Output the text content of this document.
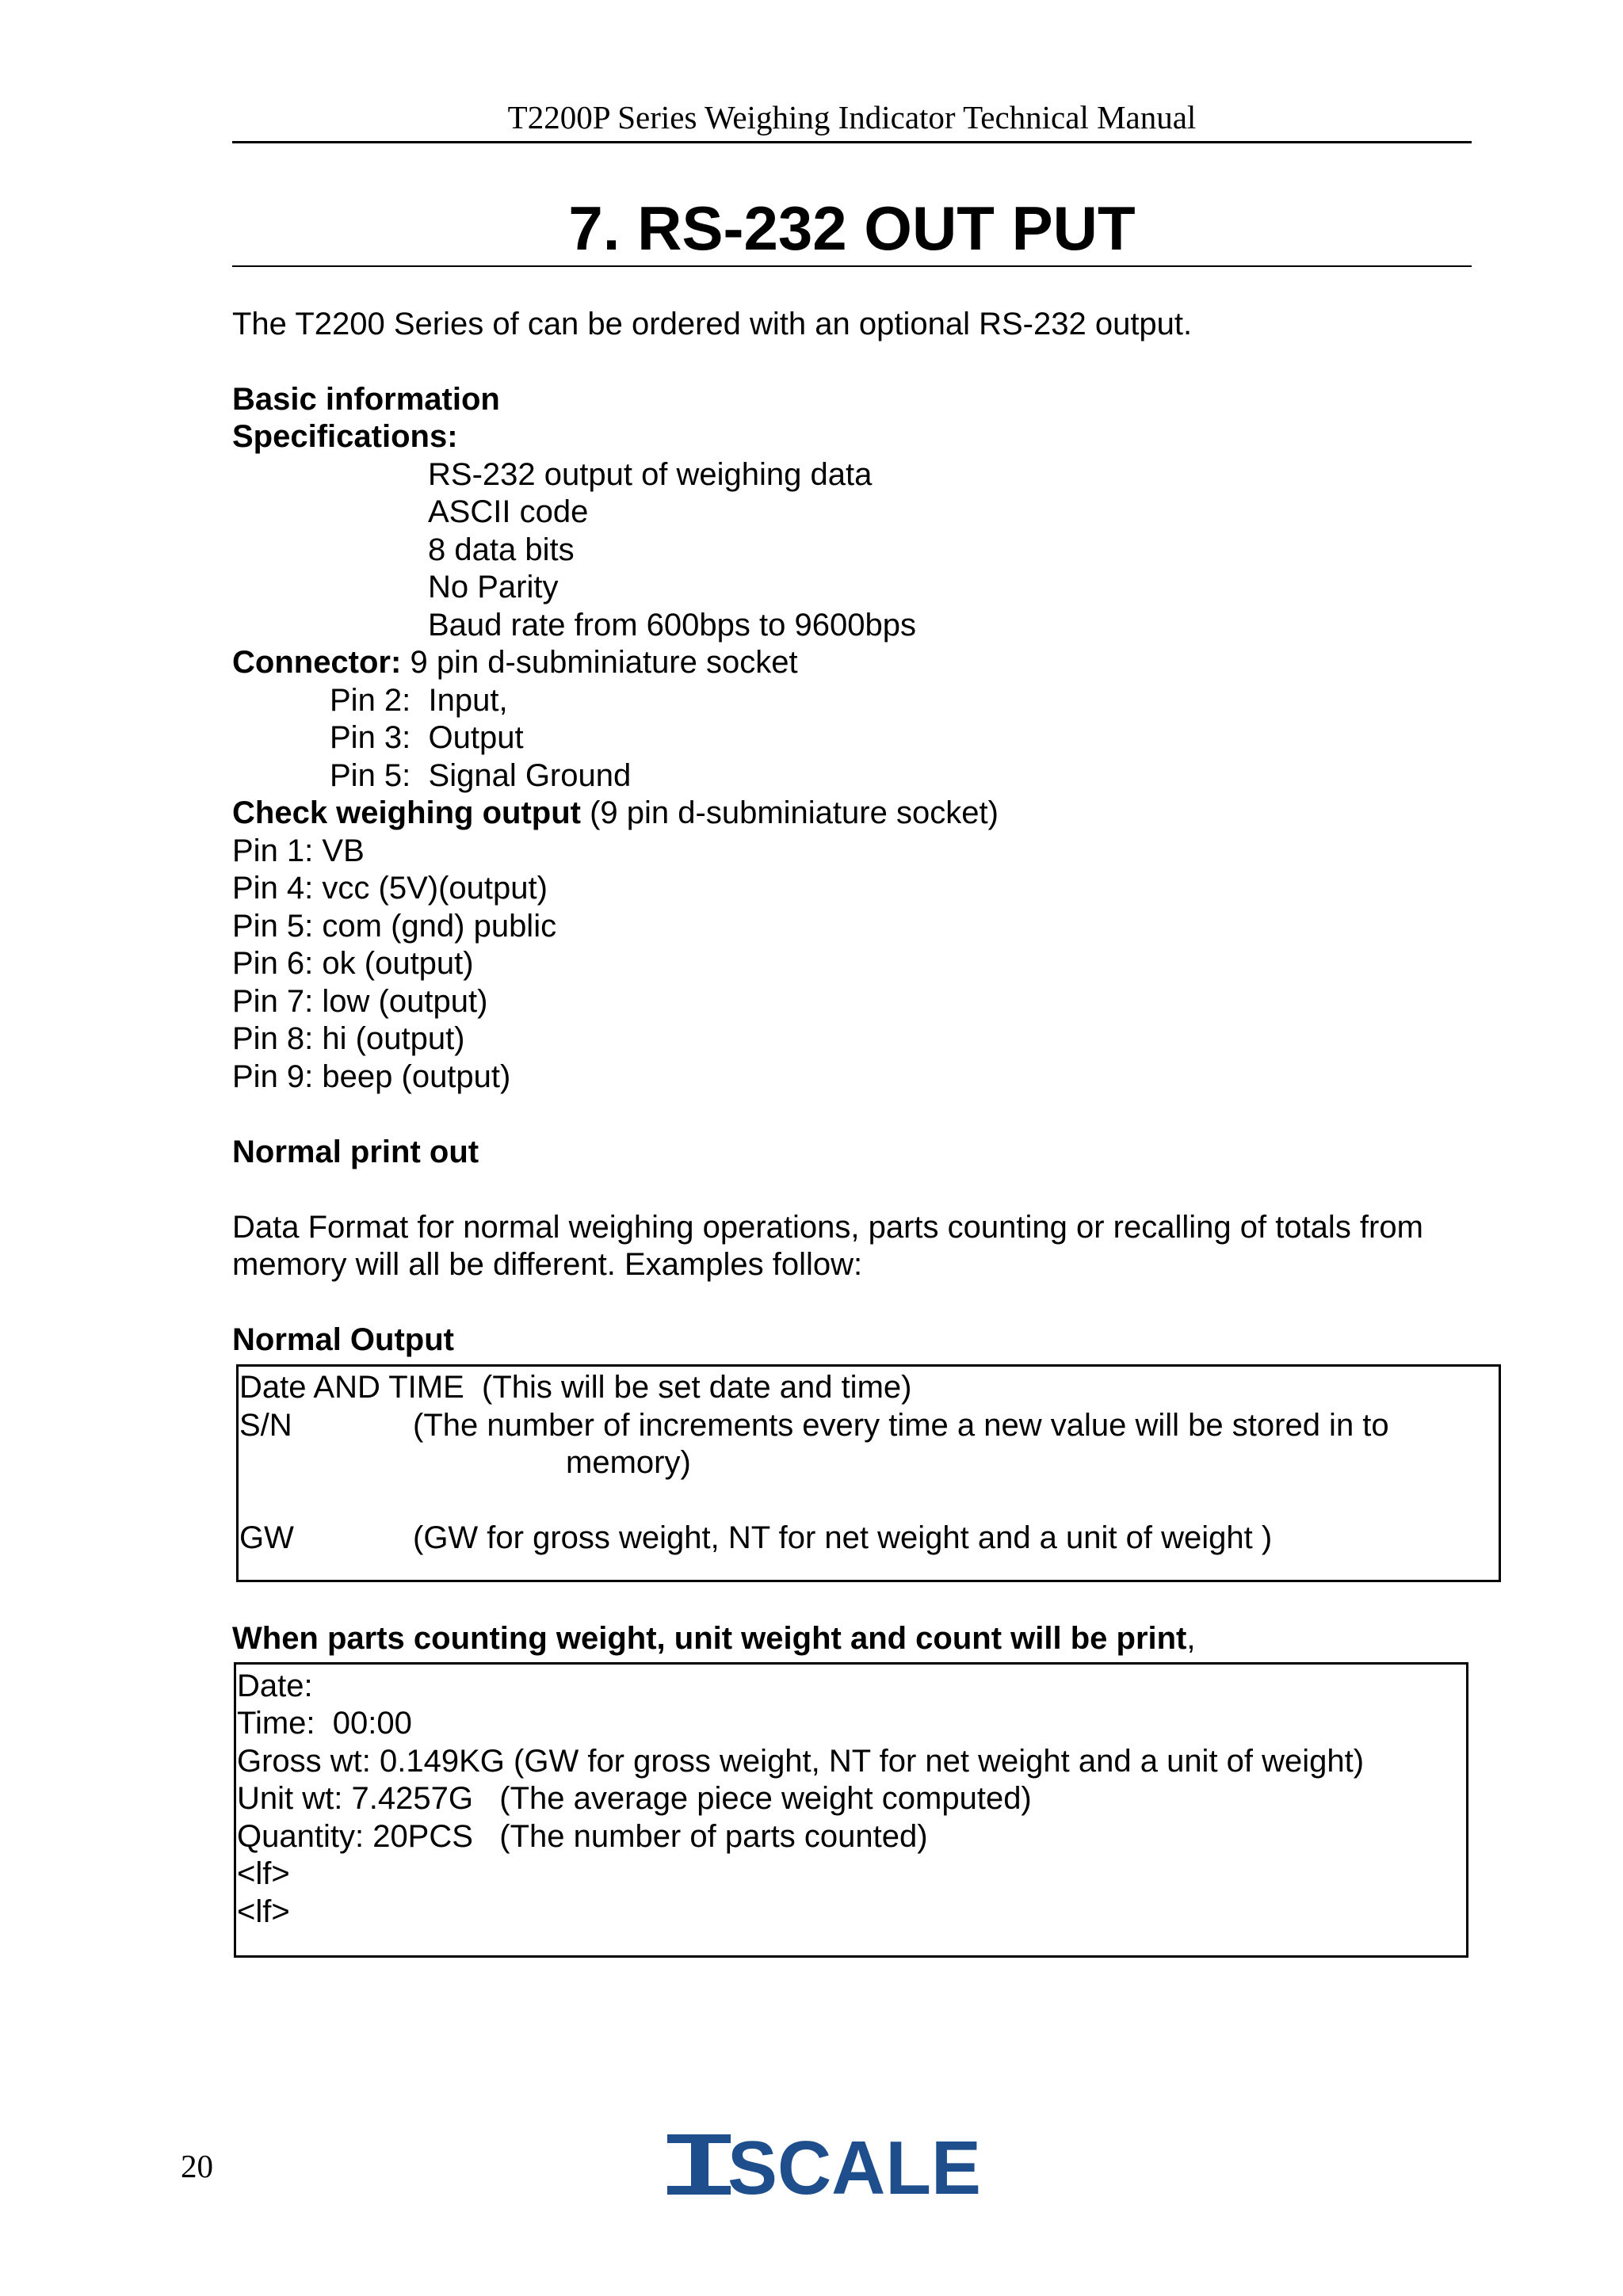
T2200P Series Weighing Indicator Technical Manual
7. RS-232 OUT PUT
The T2200 Series of can be ordered with an optional RS-232 output.
Basic information
Specifications:
RS-232 output of weighing data
ASCII code
8 data bits
No Parity
Baud rate from 600bps to 9600bps
Connector: 9 pin d-subminiature socket
Pin 2:  Input,
Pin 3:  Output
Pin 5:  Signal Ground
Check weighing output (9 pin d-subminiature socket)
Pin 1: VB
Pin 4: vcc (5V)(output)
Pin 5: com (gnd) public
Pin 6: ok (output)
Pin 7: low (output)
Pin 8: hi (output)
Pin 9: beep (output)
Normal print out
Data Format for normal weighing operations, parts counting or recalling of totals from
memory will all be different. Examples follow:
Normal Output
Date AND TIME  (This will be set date and time)
S/N	(The number of increments every time a new value will be stored in to
memory)
GW	(GW for gross weight, NT for net weight and a unit of weight )
When parts counting weight, unit weight and count will be print,
Date:
Time:  00:00
Gross wt: 0.149KG (GW for gross weight, NT for net weight and a unit of weight)
Unit wt: 7.4257G   (The average piece weight computed)
Quantity: 20PCS   (The number of parts counted)
<lf>
<lf>
20	SCALE
